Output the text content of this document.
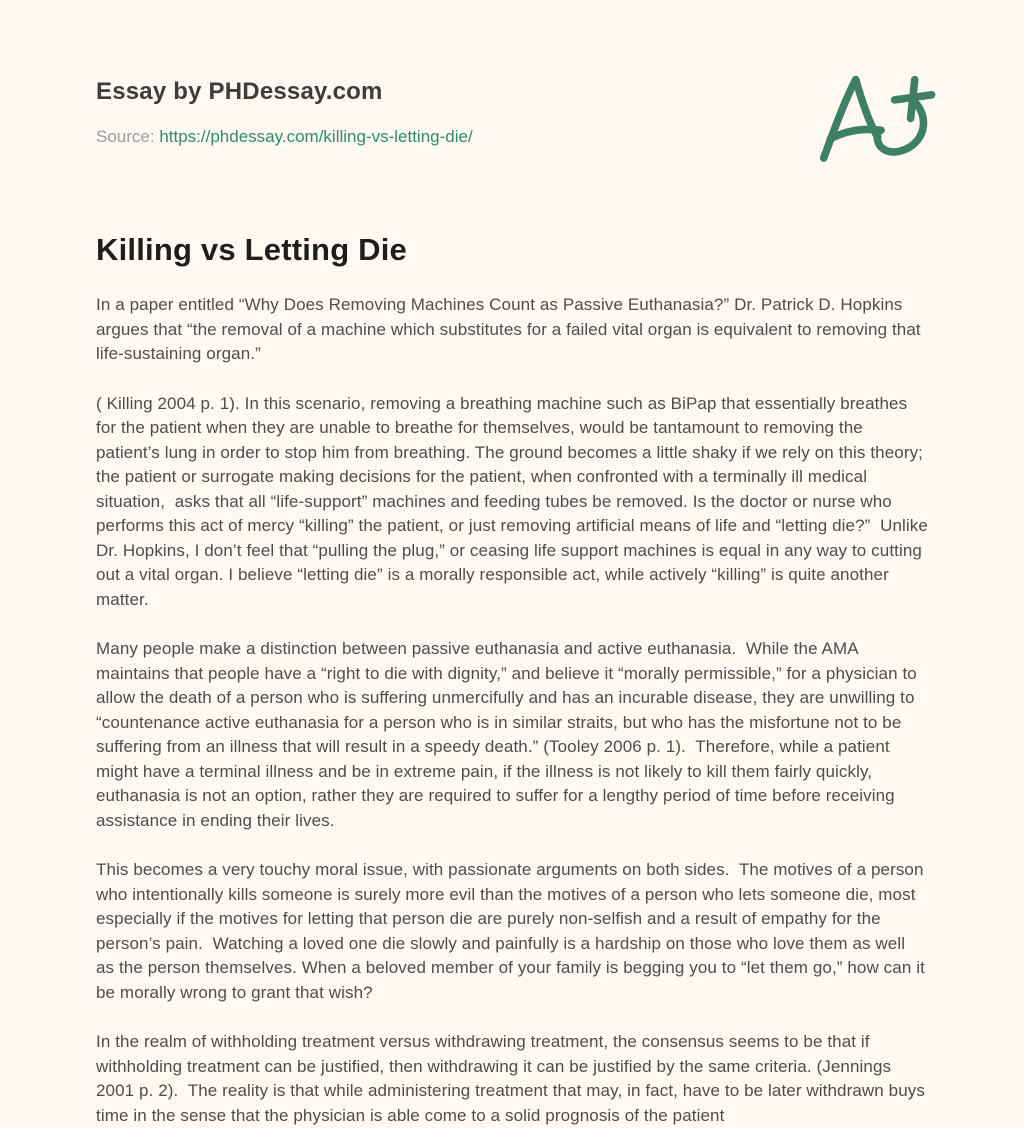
Essay by PHDessay.com
Source: https://phdessay.com/killing-vs-letting-die/
Killing vs Letting Die

In a paper entitled “Why Does Removing Machines Count as Passive Euthanasia?” Dr. Patrick D. Hopkins argues that “the removal of a machine which substitutes for a failed vital organ is equivalent to removing that life-sustaining organ.”

( Killing 2004 p. 1). In this scenario, removing a breathing machine such as BiPap that essentially breathes for the patient when they are unable to breathe for themselves, would be tantamount to removing the patient’s lung in order to stop him from breathing. The ground becomes a little shaky if we rely on this theory; the patient or surrogate making decisions for the patient, when confronted with a terminally ill medical situation,  asks that all “life-support” machines and feeding tubes be removed. Is the doctor or nurse who performs this act of mercy “killing” the patient, or just removing artificial means of life and “letting die?”  Unlike Dr. Hopkins, I don’t feel that “pulling the plug,” or ceasing life support machines is equal in any way to cutting out a vital organ. I believe “letting die” is a morally responsible act, while actively “killing” is quite another matter.

Many people make a distinction between passive euthanasia and active euthanasia.  While the AMA maintains that people have a “right to die with dignity,” and believe it “morally permissible,” for a physician to allow the death of a person who is suffering unmercifully and has an incurable disease, they are unwilling to “countenance active euthanasia for a person who is in similar straits, but who has the misfortune not to be suffering from an illness that will result in a speedy death.” (Tooley 2006 p. 1).  Therefore, while a patient might have a terminal illness and be in extreme pain, if the illness is not likely to kill them fairly quickly, euthanasia is not an option, rather they are required to suffer for a lengthy period of time before receiving assistance in ending their lives.

This becomes a very touchy moral issue, with passionate arguments on both sides.  The motives of a person who intentionally kills someone is surely more evil than the motives of a person who lets someone die, most especially if the motives for letting that person die are purely non-selfish and a result of empathy for the person’s pain.  Watching a loved one die slowly and painfully is a hardship on those who love them as well as the person themselves. When a beloved member of your family is begging you to “let them go,” how can it be morally wrong to grant that wish?

In the realm of withholding treatment versus withdrawing treatment, the consensus seems to be that if withholding treatment can be justified, then withdrawing it can be justified by the same criteria. (Jennings 2001 p. 2).  The reality is that while administering treatment that may, in fact, have to be later withdrawn buys time in the sense that the physician is able come to a solid prognosis of the patient
